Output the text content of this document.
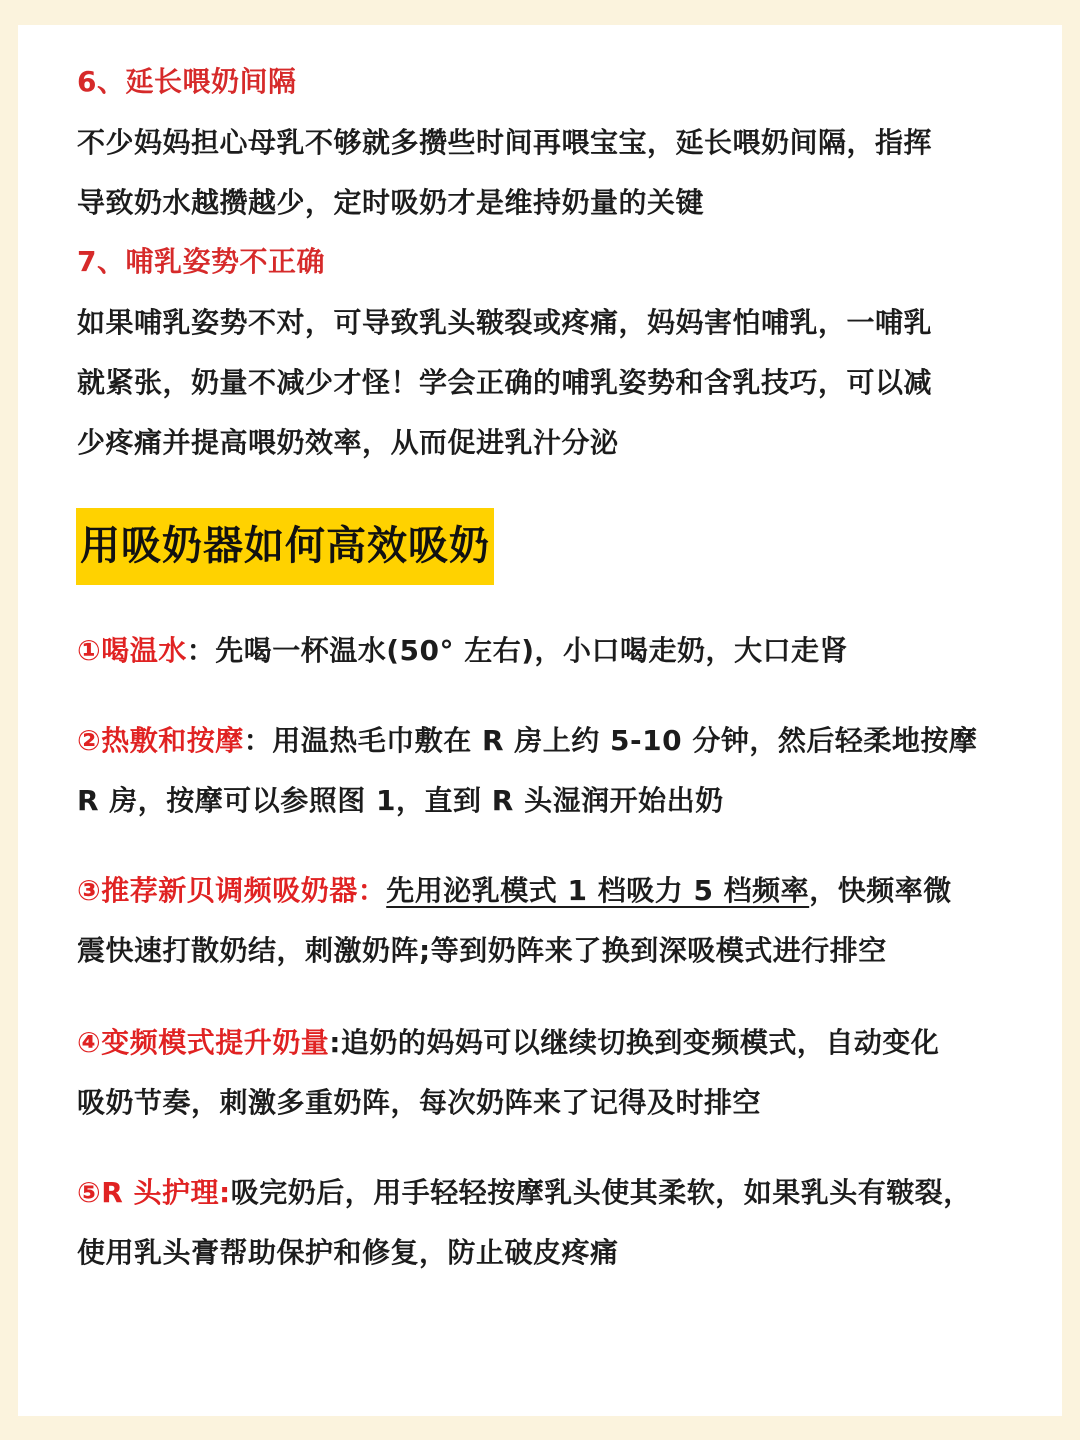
6、延长喂奶间隔
不少妈妈担心母乳不够就多攒些时间再喂宝宝，延长喂奶间隔，指挥
导致奶水越攒越少，定时吸奶才是维持奶量的关键
7、哺乳姿势不正确
如果哺乳姿势不对，可导致乳头皲裂或疼痛，妈妈害怕哺乳，一哺乳
就紧张，奶量不减少才怪！学会正确的哺乳姿势和含乳技巧，可以减
少疼痛并提高喂奶效率，从而促进乳汁分泌
用吸奶器如何高效吸奶
①喝温水：先喝一杯温水(50° 左右)，小口喝走奶，大口走肾
②热敷和按摩：用温热毛巾敷在 R 房上约 5-10 分钟，然后轻柔地按摩
R 房，按摩可以参照图 1，直到 R 头湿润开始出奶
③推荐新贝调频吸奶器：先用泌乳模式 1 档吸力 5 档频率，快频率微
震快速打散奶结，刺激奶阵;等到奶阵来了换到深吸模式进行排空
④变频模式提升奶量:追奶的妈妈可以继续切换到变频模式，自动变化
吸奶节奏，刺激多重奶阵，每次奶阵来了记得及时排空
⑤R 头护理:吸完奶后，用手轻轻按摩乳头使其柔软，如果乳头有皲裂，
使用乳头膏帮助保护和修复，防止破皮疼痛
